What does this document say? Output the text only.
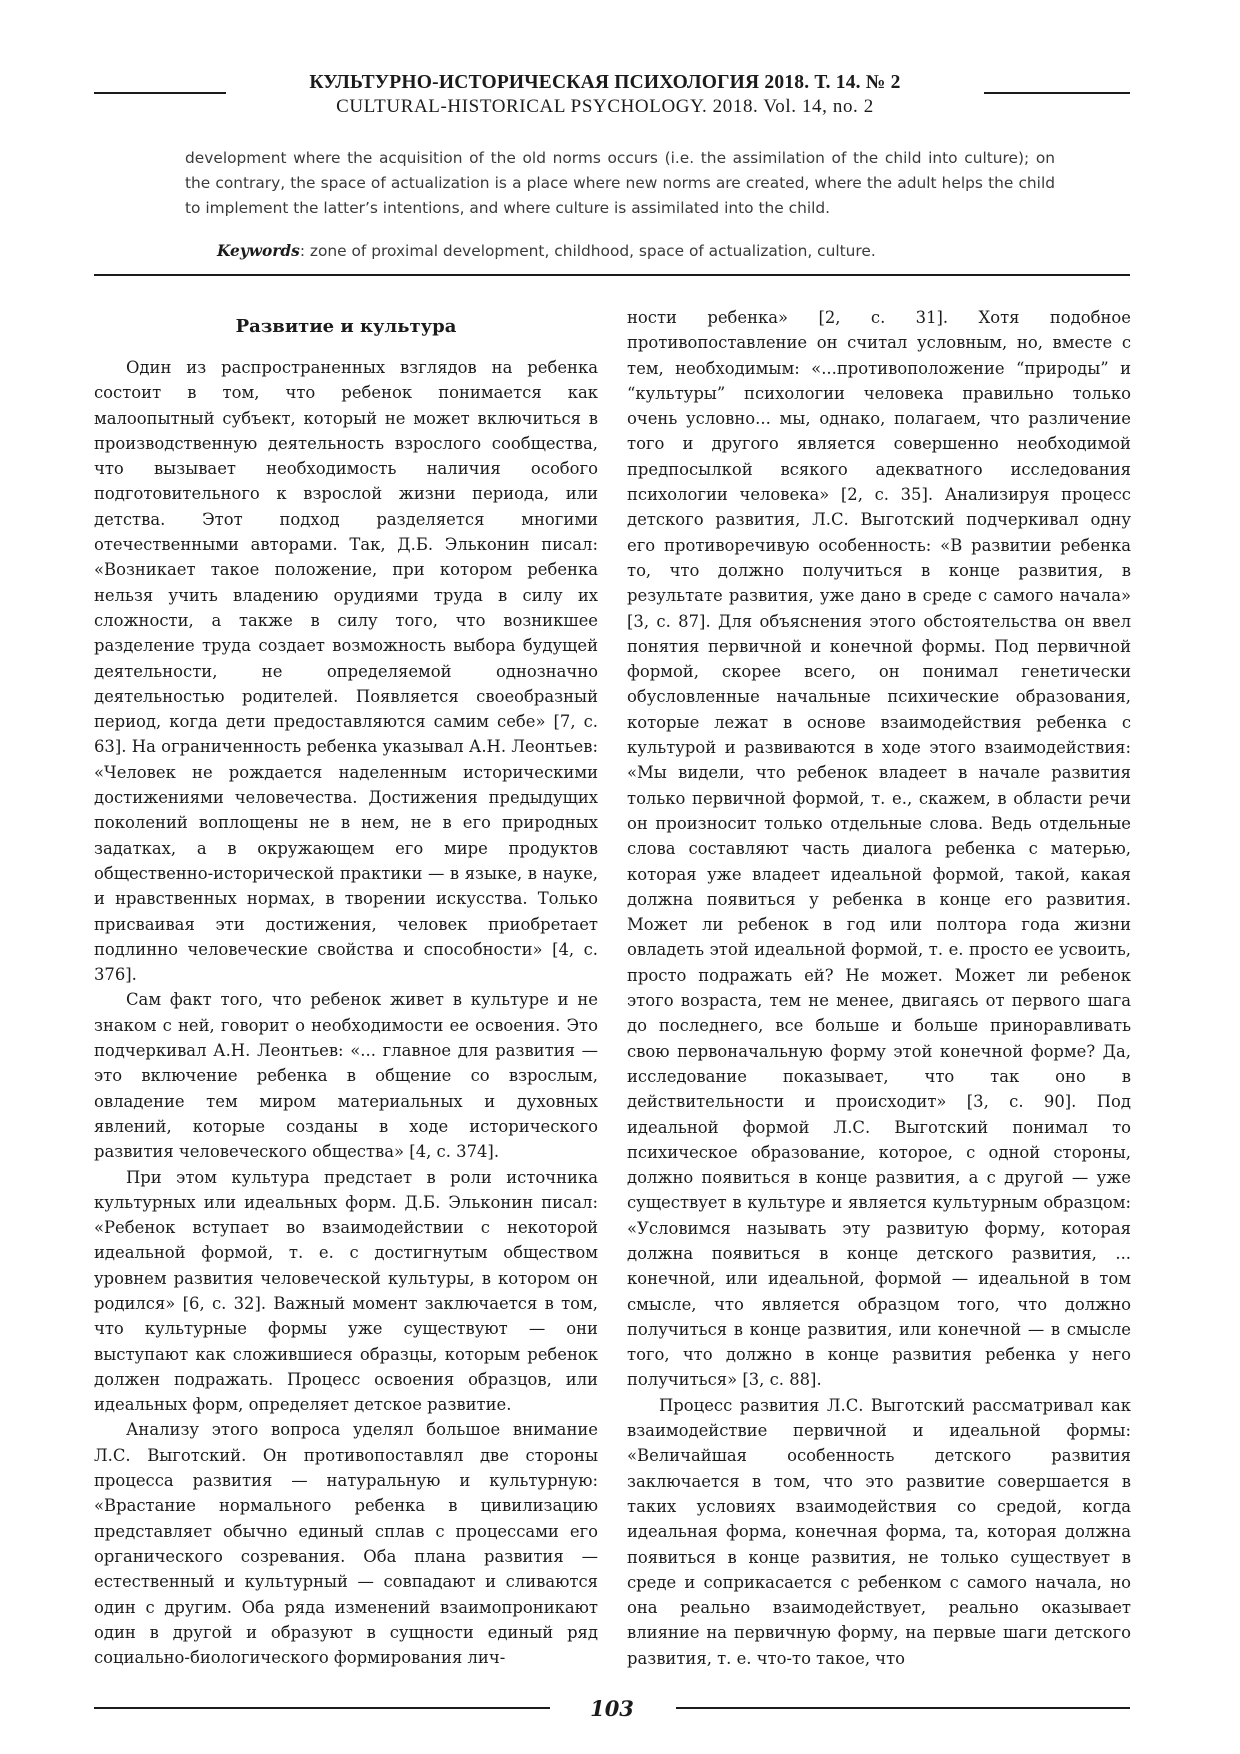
КУЛЬТУРНО-ИСТОРИЧЕСКАЯ ПСИХОЛОГИЯ 2018. Т. 14. № 2
CULTURAL-HISTORICAL PSYCHOLOGY. 2018. Vol. 14, no. 2

development where the acquisition of the old norms occurs (i.e. the assimilation of the child into culture); on the contrary, the space of actualization is a place where new norms are created, where the adult helps the child to implement the latter’s intentions, and where culture is assimilated into the child.

Keywords: zone of proximal development, childhood, space of actualization, culture.
Развитие и культура

Один из распространенных взглядов на ребенка состоит в том, что ребенок понимается как малоопытный субъект, который не может включиться в производственную деятельность взрослого сообщества, что вызывает необходимость наличия особого подготовительного к взрослой жизни периода, или детства. Этот подход разделяется многими отечественными авторами. Так, Д.Б. Эльконин писал: «Возникает такое положение, при котором ребенка нельзя учить владению орудиями труда в силу их сложности, а также в силу того, что возникшее разделение труда создает возможность выбора будущей деятельности, не определяемой однозначно деятельностью родителей. Появляется своеобразный период, когда дети предоставляются самим себе» [7, с. 63]. На ограниченность ребенка указывал А.Н. Леонтьев: «Человек не рождается наделенным историческими достижениями человечества. Достижения предыдущих поколений воплощены не в нем, не в его природных задатках, а в окружающем его мире продуктов общественно-исторической практики — в языке, в науке, и нравственных нормах, в творении искусства. Только присваивая эти достижения, человек приобретает подлинно человеческие свойства и способности» [4, с. 376].

Сам факт того, что ребенок живет в культуре и не знаком с ней, говорит о необходимости ее освоения. Это подчеркивал А.Н. Леонтьев: «... главное для развития — это включение ребенка в общение со взрослым, овладение тем миром материальных и духовных явлений, которые созданы в ходе исторического развития человеческого общества» [4, с. 374].

При этом культура предстает в роли источника культурных или идеальных форм. Д.Б. Эльконин писал: «Ребенок вступает во взаимодействии с некоторой идеальной формой, т. е. с достигнутым обществом уровнем развития человеческой культуры, в котором он родился» [6, с. 32]. Важный момент заключается в том, что культурные формы уже существуют — они выступают как сложившиеся образцы, которым ребенок должен подражать. Процесс освоения образцов, или идеальных форм, определяет детское развитие.

Анализу этого вопроса уделял большое внимание Л.С. Выготский. Он противопоставлял две стороны процесса развития — натуральную и культурную: «Врастание нормального ребенка в цивилизацию представляет обычно единый сплав с процессами его органического созревания. Оба плана развития — естественный и культурный — совпадают и сливаются один с другим. Оба ряда изменений взаимопроникают один в другой и образуют в сущности единый ряд социально-биологического формирования лич-

ности ребенка» [2, с. 31]. Хотя подобное противопоставление он считал условным, но, вместе с тем, необходимым: «...противоположение “природы” и “культуры” психологии человека правильно только очень условно... мы, однако, полагаем, что различение того и другого является совершенно необходимой предпосылкой всякого адекватного исследования психологии человека» [2, с. 35]. Анализируя процесс детского развития, Л.С. Выготский подчеркивал одну его противоречивую особенность: «В развитии ребенка то, что должно получиться в конце развития, в результате развития, уже дано в среде с самого начала» [3, с. 87]. Для объяснения этого обстоятельства он ввел понятия первичной и конечной формы. Под первичной формой, скорее всего, он понимал генетически обусловленные начальные психические образования, которые лежат в основе взаимодействия ребенка с культурой и развиваются в ходе этого взаимодействия: «Мы видели, что ребенок владеет в начале развития только первичной формой, т. е., скажем, в области речи он произносит только отдельные слова. Ведь отдельные слова составляют часть диалога ребенка с матерью, которая уже владеет идеальной формой, такой, какая должна появиться у ребенка в конце его развития. Может ли ребенок в год или полтора года жизни овладеть этой идеальной формой, т. е. просто ее усвоить, просто подражать ей? Не может. Может ли ребенок этого возраста, тем не менее, двигаясь от первого шага до последнего, все больше и больше приноравливать свою первоначальную форму этой конечной форме? Да, исследование показывает, что так оно в действительности и происходит» [3, с. 90]. Под идеальной формой Л.С. Выготский понимал то психическое образование, которое, с одной стороны, должно появиться в конце развития, а с другой — уже существует в культуре и является культурным образцом: «Условимся называть эту развитую форму, которая должна появиться в конце детского развития, ... конечной, или идеальной, формой — идеальной в том смысле, что является образцом того, что должно получиться в конце развития, или конечной — в смысле того, что должно в конце развития ребенка у него получиться» [3, с. 88].

Процесс развития Л.С. Выготский рассматривал как взаимодействие первичной и идеальной формы: «Величайшая особенность детского развития заключается в том, что это развитие совершается в таких условиях взаимодействия со средой, когда идеальная форма, конечная форма, та, которая должна появиться в конце развития, не только существует в среде и соприкасается с ребенком с самого начала, но она реально взаимодействует, реально оказывает влияние на первичную форму, на первые шаги детского развития, т. е. что-то такое, что

103
